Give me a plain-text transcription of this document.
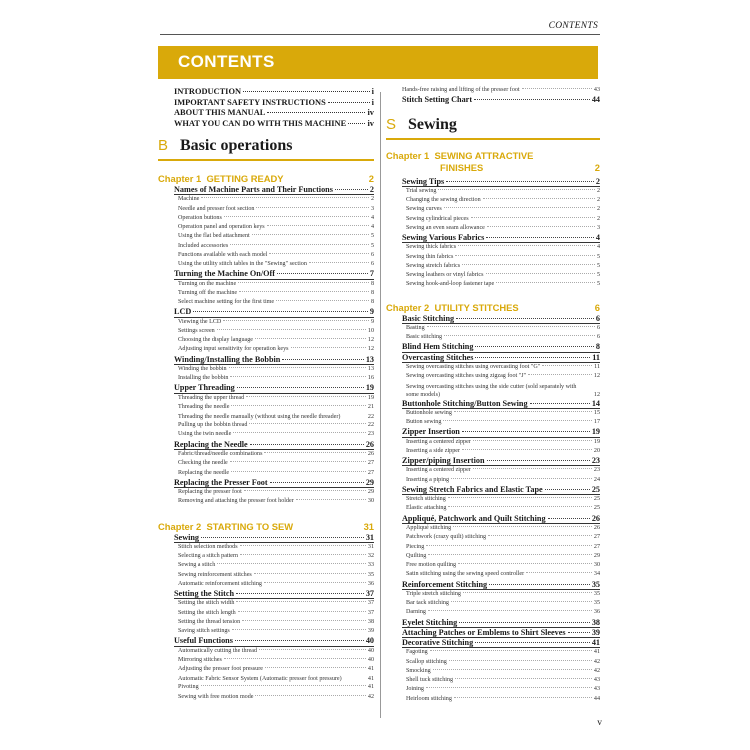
CONTENTS
CONTENTS
INTRODUCTION	i
IMPORTANT SAFETY INSTRUCTIONS	i
ABOUT THIS MANUAL	iv
WHAT YOU CAN DO WITH THIS MACHINE	iv
B Basic operations
Chapter 1
GETTING READY	2
Names of Machine Parts and Their Functions	2
Machine	2
Needle and presser foot section	3
Operation buttons	4
Operation panel and operation keys	4
Using the flat bed attachment	5
Included accessories	5
Functions available with each model	6
Using the utility stitch tables in the "Sewing" section	6
Turning the Machine On/Off	7
Turning on the machine	8
Turning off the machine	8
Select machine setting for the first time	8
LCD	9
Viewing the LCD	9
Settings screen	10
Choosing the display language	12
Adjusting input sensitivity for operation keys	12
Winding/Installing the Bobbin	13
Winding the bobbin	13
Installing the bobbin	16
Upper Threading	19
Threading the upper thread	19
Threading the needle	21
Threading the needle manually (without using the needle threader)	22
Pulling up the bobbin thread	22
Using the twin needle	23
Replacing the Needle	26
Fabric/thread/needle combinations	26
Checking the needle	27
Replacing the needle	27
Replacing the Presser Foot	29
Replacing the presser foot	29
Removing and attaching the presser foot holder	30
Chapter 2
STARTING TO SEW	31
Sewing	31
Stitch selection methods	31
Selecting a stitch pattern	32
Sewing a stitch	33
Sewing reinforcement stitches	35
Automatic reinforcement stitching	36
Setting the Stitch	37
Setting the stitch width	37
Setting the stitch length	37
Setting the thread tension	38
Saving stitch settings	39
Useful Functions	40
Automatically cutting the thread	40
Mirroring stitches	40
Adjusting the presser foot pressure	41
Automatic Fabric Sensor System (Automatic presser foot pressure)	41
Pivoting	41
Sewing with free motion mode	42
Hands-free raising and lifting of the presser foot	43
Stitch Setting Chart	44
S Sewing
Chapter 1 SEWING ATTRACTIVE
FINISHES	2
Sewing Tips	2
Trial sewing	2
Changing the sewing direction	2
Sewing curves	2
Sewing cylindrical pieces	2
Sewing an even seam allowance	3
Sewing Various Fabrics	4
Sewing thick fabrics	4
Sewing thin fabrics	5
Sewing stretch fabrics	5
Sewing leathers or vinyl fabrics	5
Sewing hook-and-loop fastener tape	5
Chapter 2
UTILITY STITCHES	6
Basic Stitching	6
Basting	6
Basic stitching	6
Blind Hem Stitching	8
Overcasting Stitches	11
Sewing overcasting stitches using overcasting foot "G"	11
Sewing overcasting stitches using zigzag foot "J"	12
Sewing overcasting stitches using the side cutter (sold separately with some models)	12
Buttonhole Stitching/Button Sewing	14
Buttonhole sewing	15
Button sewing	17
Zipper Insertion	19
Inserting a centered zipper	19
Inserting a side zipper	20
Zipper/piping Insertion	23
Inserting a centered zipper	23
Inserting a piping	24
Sewing Stretch Fabrics and Elastic Tape	25
Stretch stitching	25
Elastic attaching	25
Appliqué, Patchwork and Quilt Stitching	26
Appliqué stitching	26
Patchwork (crazy quilt) stitching	27
Piecing	27
Quilting	29
Free motion quilting	30
Satin stitching using the sewing speed controller	34
Reinforcement Stitching	35
Triple stretch stitching	35
Bar tack stitching	35
Darning	36
Eyelet Stitching	38
Attaching Patches or Emblems to Shirt Sleeves	39
Decorative Stitching	41
Fagoting	41
Scallop stitching	42
Smocking	42
Shell tuck stitching	43
Joining	43
Heirloom stitching	44
v
